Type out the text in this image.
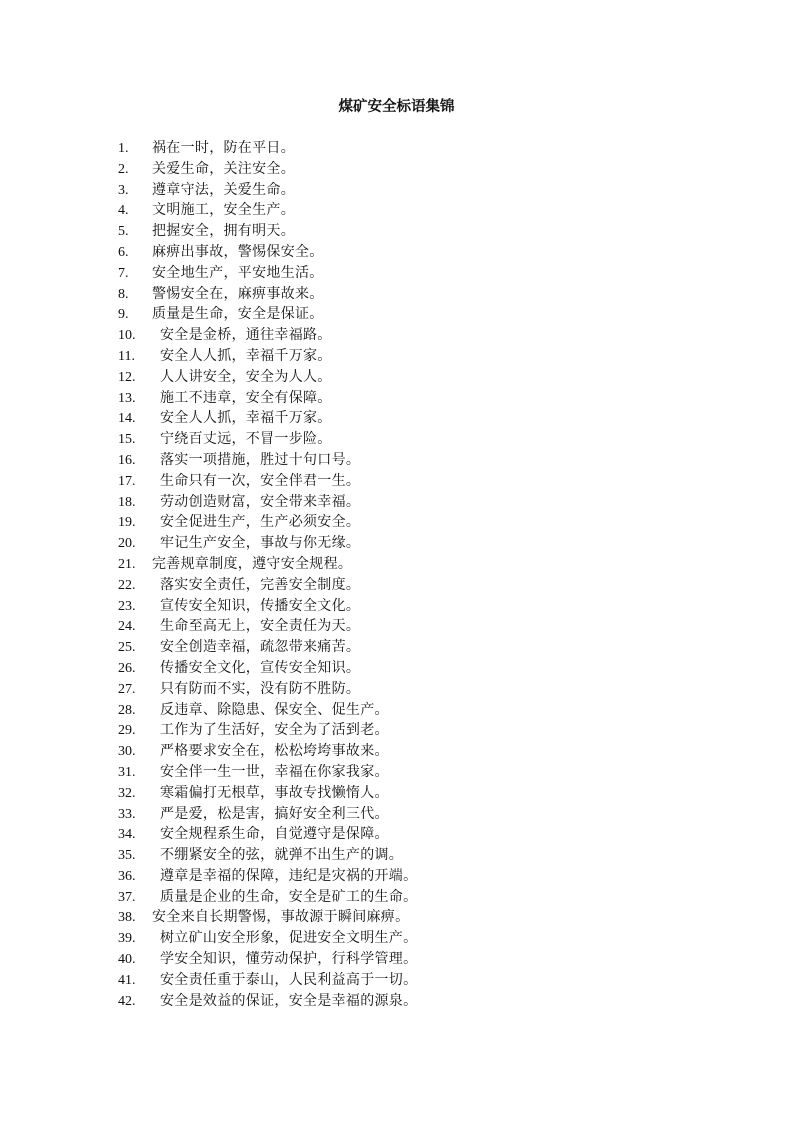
煤矿安全标语集锦
1.	祸在一时，防在平日。
2.	关爱生命，关注安全。
3.	遵章守法，关爱生命。
4.	文明施工，安全生产。
5.	把握安全，拥有明天。
6.	麻痹出事故，警惕保安全。
7.	安全地生产，平安地生活。
8.	警惕安全在，麻痹事故来。
9.	质量是生命，安全是保证。
10.	安全是金桥，通往幸福路。
11.	安全人人抓，幸福千万家。
12.	人人讲安全，安全为人人。
13.	施工不违章，安全有保障。
14.	安全人人抓，幸福千万家。
15.	宁绕百丈远，不冒一步险。
16.	落实一项措施，胜过十句口号。
17.	生命只有一次，安全伴君一生。
18.	劳动创造财富，安全带来幸福。
19.	安全促进生产，生产必须安全。
20.	牢记生产安全，事故与你无缘。
21.	完善规章制度，遵守安全规程。
22.	落实安全责任，完善安全制度。
23.	宣传安全知识，传播安全文化。
24.	生命至高无上，安全责任为天。
25.	安全创造幸福，疏忽带来痛苦。
26.	传播安全文化，宣传安全知识。
27.	只有防而不实，没有防不胜防。
28.	反违章、除隐患、保安全、促生产。
29.	工作为了生活好，安全为了活到老。
30.	严格要求安全在，松松垮垮事故来。
31.	安全伴一生一世，幸福在你家我家。
32.	寒霜偏打无根草，事故专找懒惰人。
33.	严是爱，松是害，搞好安全利三代。
34.	安全规程系生命，自觉遵守是保障。
35.	不绷紧安全的弦，就弹不出生产的调。
36.	遵章是幸福的保障，违纪是灾祸的开端。
37.	质量是企业的生命，安全是矿工的生命。
38.	安全来自长期警惕，事故源于瞬间麻痹。
39.	树立矿山安全形象，促进安全文明生产。
40.	学安全知识，懂劳动保护，行科学管理。
41.	安全责任重于泰山，人民利益高于一切。
42.	安全是效益的保证，安全是幸福的源泉。
